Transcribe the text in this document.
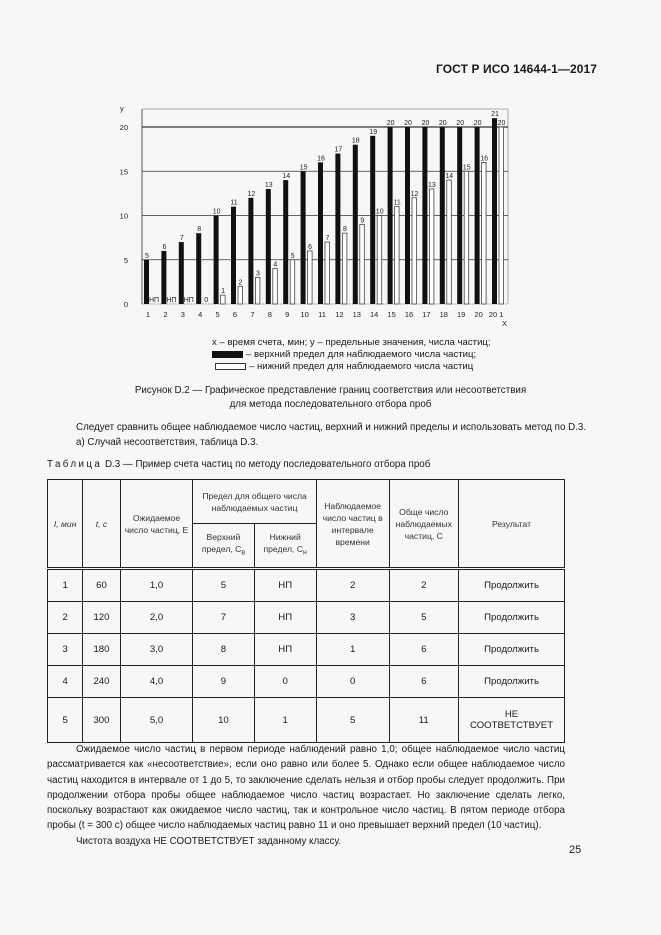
ГОСТ Р ИСО 14644-1—2017
0
5
10
15
20
y
X
1
5
НП
2
6
НП
3
7
НП
4
8
0
5
10
1
6
11
2
7
12
3
8
13
4
9
14
5
10
15
6
11
16
7
12
17
8
13
18
9
14
19
10
15
20
11
16
20
12
17
20
13
18
20
14
19
20
15
20
20
16
20 1
21
20
x – время счета, мин; y – предельные значения, числа частиц;
– верхний предел для наблюдаемого числа частиц;
– нижний предел для наблюдаемого числа частиц
Рисунок D.2 — Графическое представление границ соответствия или несоответствия
для метода последовательного отбора проб
Следует сравнить общее наблюдаемое число частиц, верхний и нижний пределы и использовать метод по D.3.
а) Случай несоответствия, таблица D.3.
Таблица D.3 — Пример счета частиц по методу последовательного отбора проб
I, мин	t, с	Ожидаемое число частиц, E	Предел для общего числа наблюдаемых частиц		Наблюдаемое число частиц в интервале времени	Обще число наблюдаемых частиц, C	Результат
			Верхний предел, $C_в$	Нижний предел, $C_н$
1	60	1,0	5	НП	2	2	Продолжить
2	120	2,0	7	НП	3	5	Продолжить
3	180	3,0	8	НП	1	6	Продолжить
4	240	4,0	9	0	0	6	Продолжить
5	300	5,0	10	1	5	11	НЕ
СООТВЕТСТВУЕТ

Ожидаемое число частиц в первом периоде наблюдений равно 1,0; общее наблюдаемое число частиц рассматривается как «несоответствие», если оно равно или более 5. Однако если общее наблюдаемое число частиц находится в интервале от 1 до 5, то заключение сделать нельзя и отбор пробы следует продолжить. При продолжении отбора пробы общее наблюдаемое число частиц возрастает. Но заключение сделать легко, поскольку возрастают как ожидаемое число частиц, так и контрольное число частиц. В пятом периоде отбора пробы (t = 300 с) общее число наблюдаемых частиц равно 11 и оно превышает верхний предел (10 частиц).

Чистота воздуха НЕ СООТВЕТСТВУЕТ заданному классу.

25
